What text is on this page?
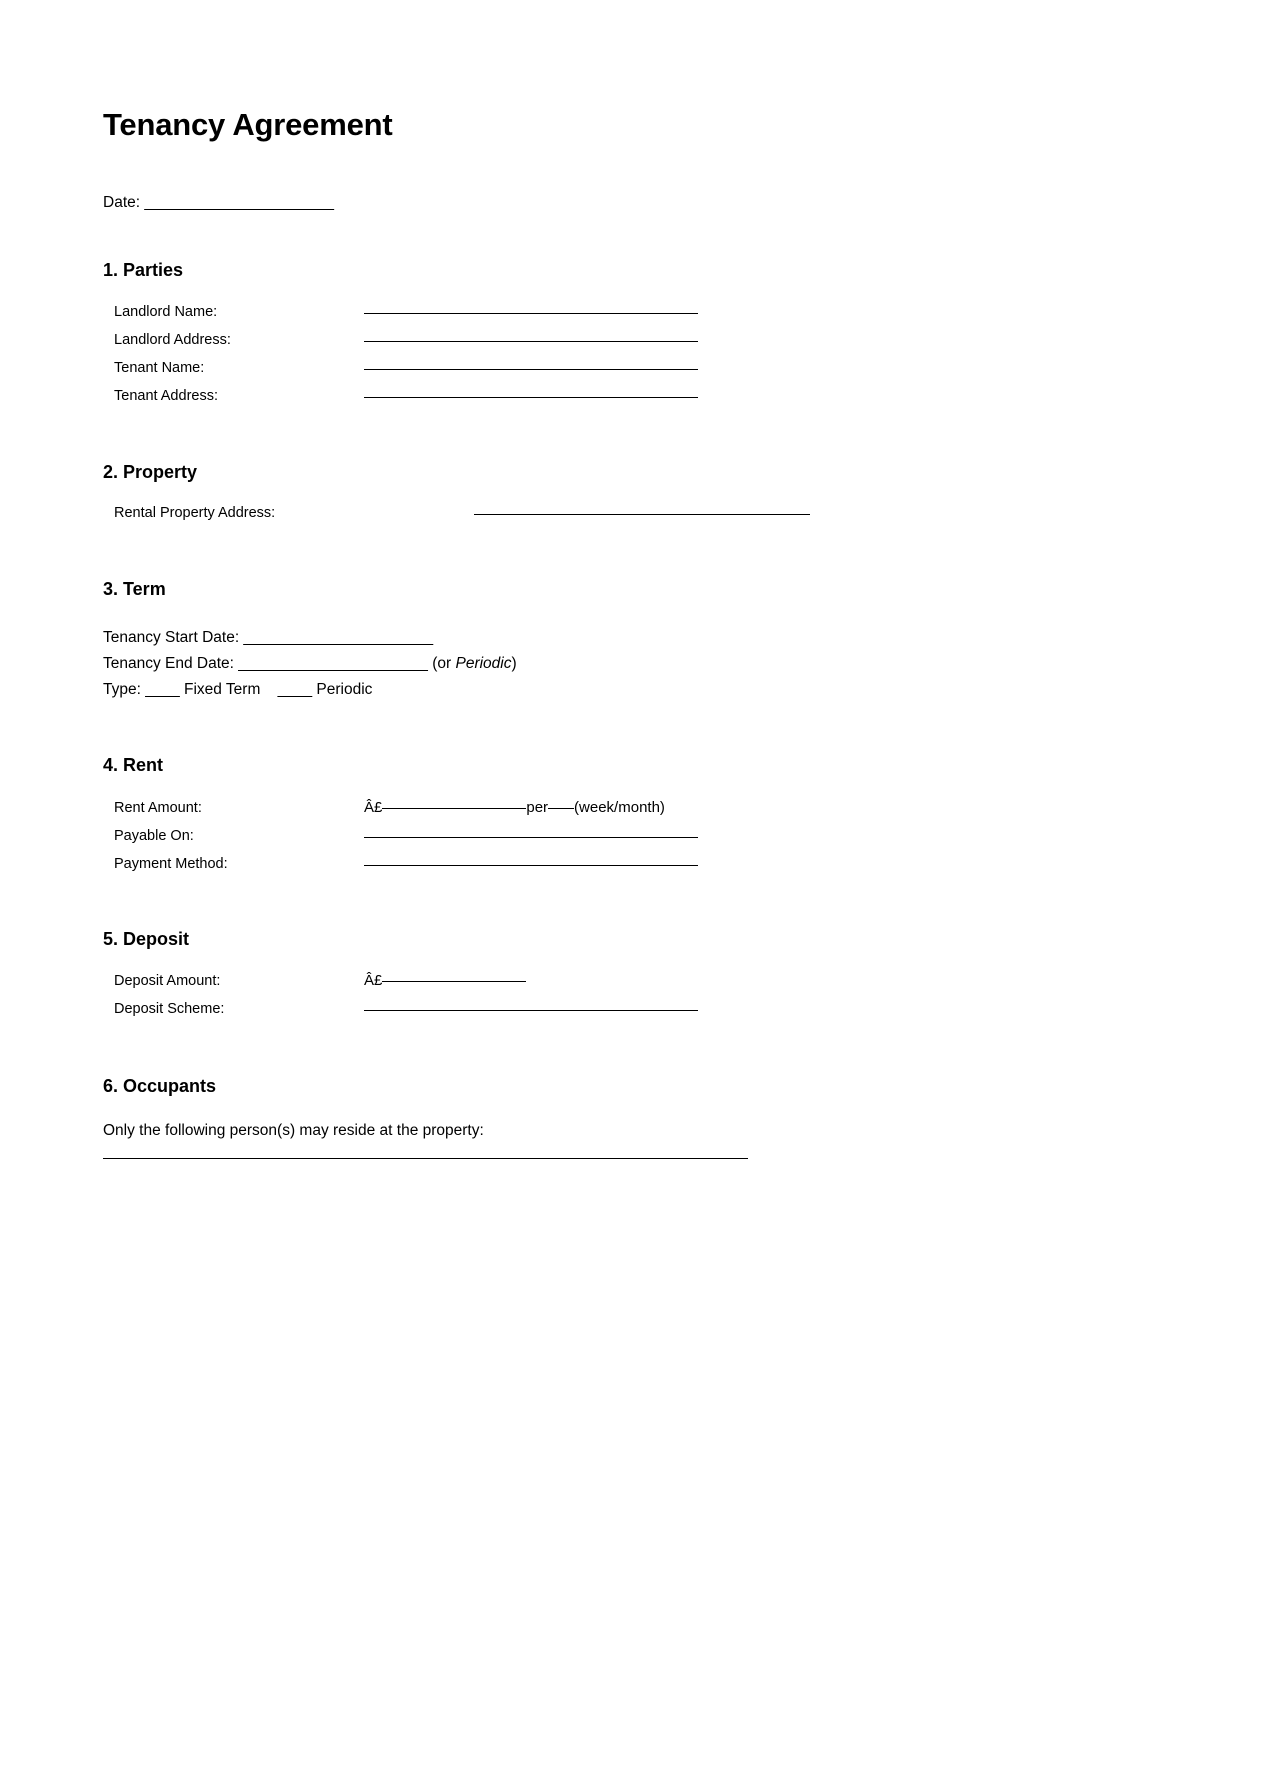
Tenancy Agreement
Date: ______________________
1. Parties
Landlord Name:
Landlord Address:
Tenant Name:
Tenant Address:
2. Property
Rental Property Address:
3. Term
Tenancy Start Date: ______________________
Tenancy End Date: ______________________ (or Periodic)
Type: ____ Fixed Term    ____ Periodic
4. Rent
Rent Amount:	Â£	per (week/month)
Payable On:
Payment Method:
5. Deposit
Deposit Amount:	Â£
Deposit Scheme:
6. Occupants
Only the following person(s) may reside at the property:
